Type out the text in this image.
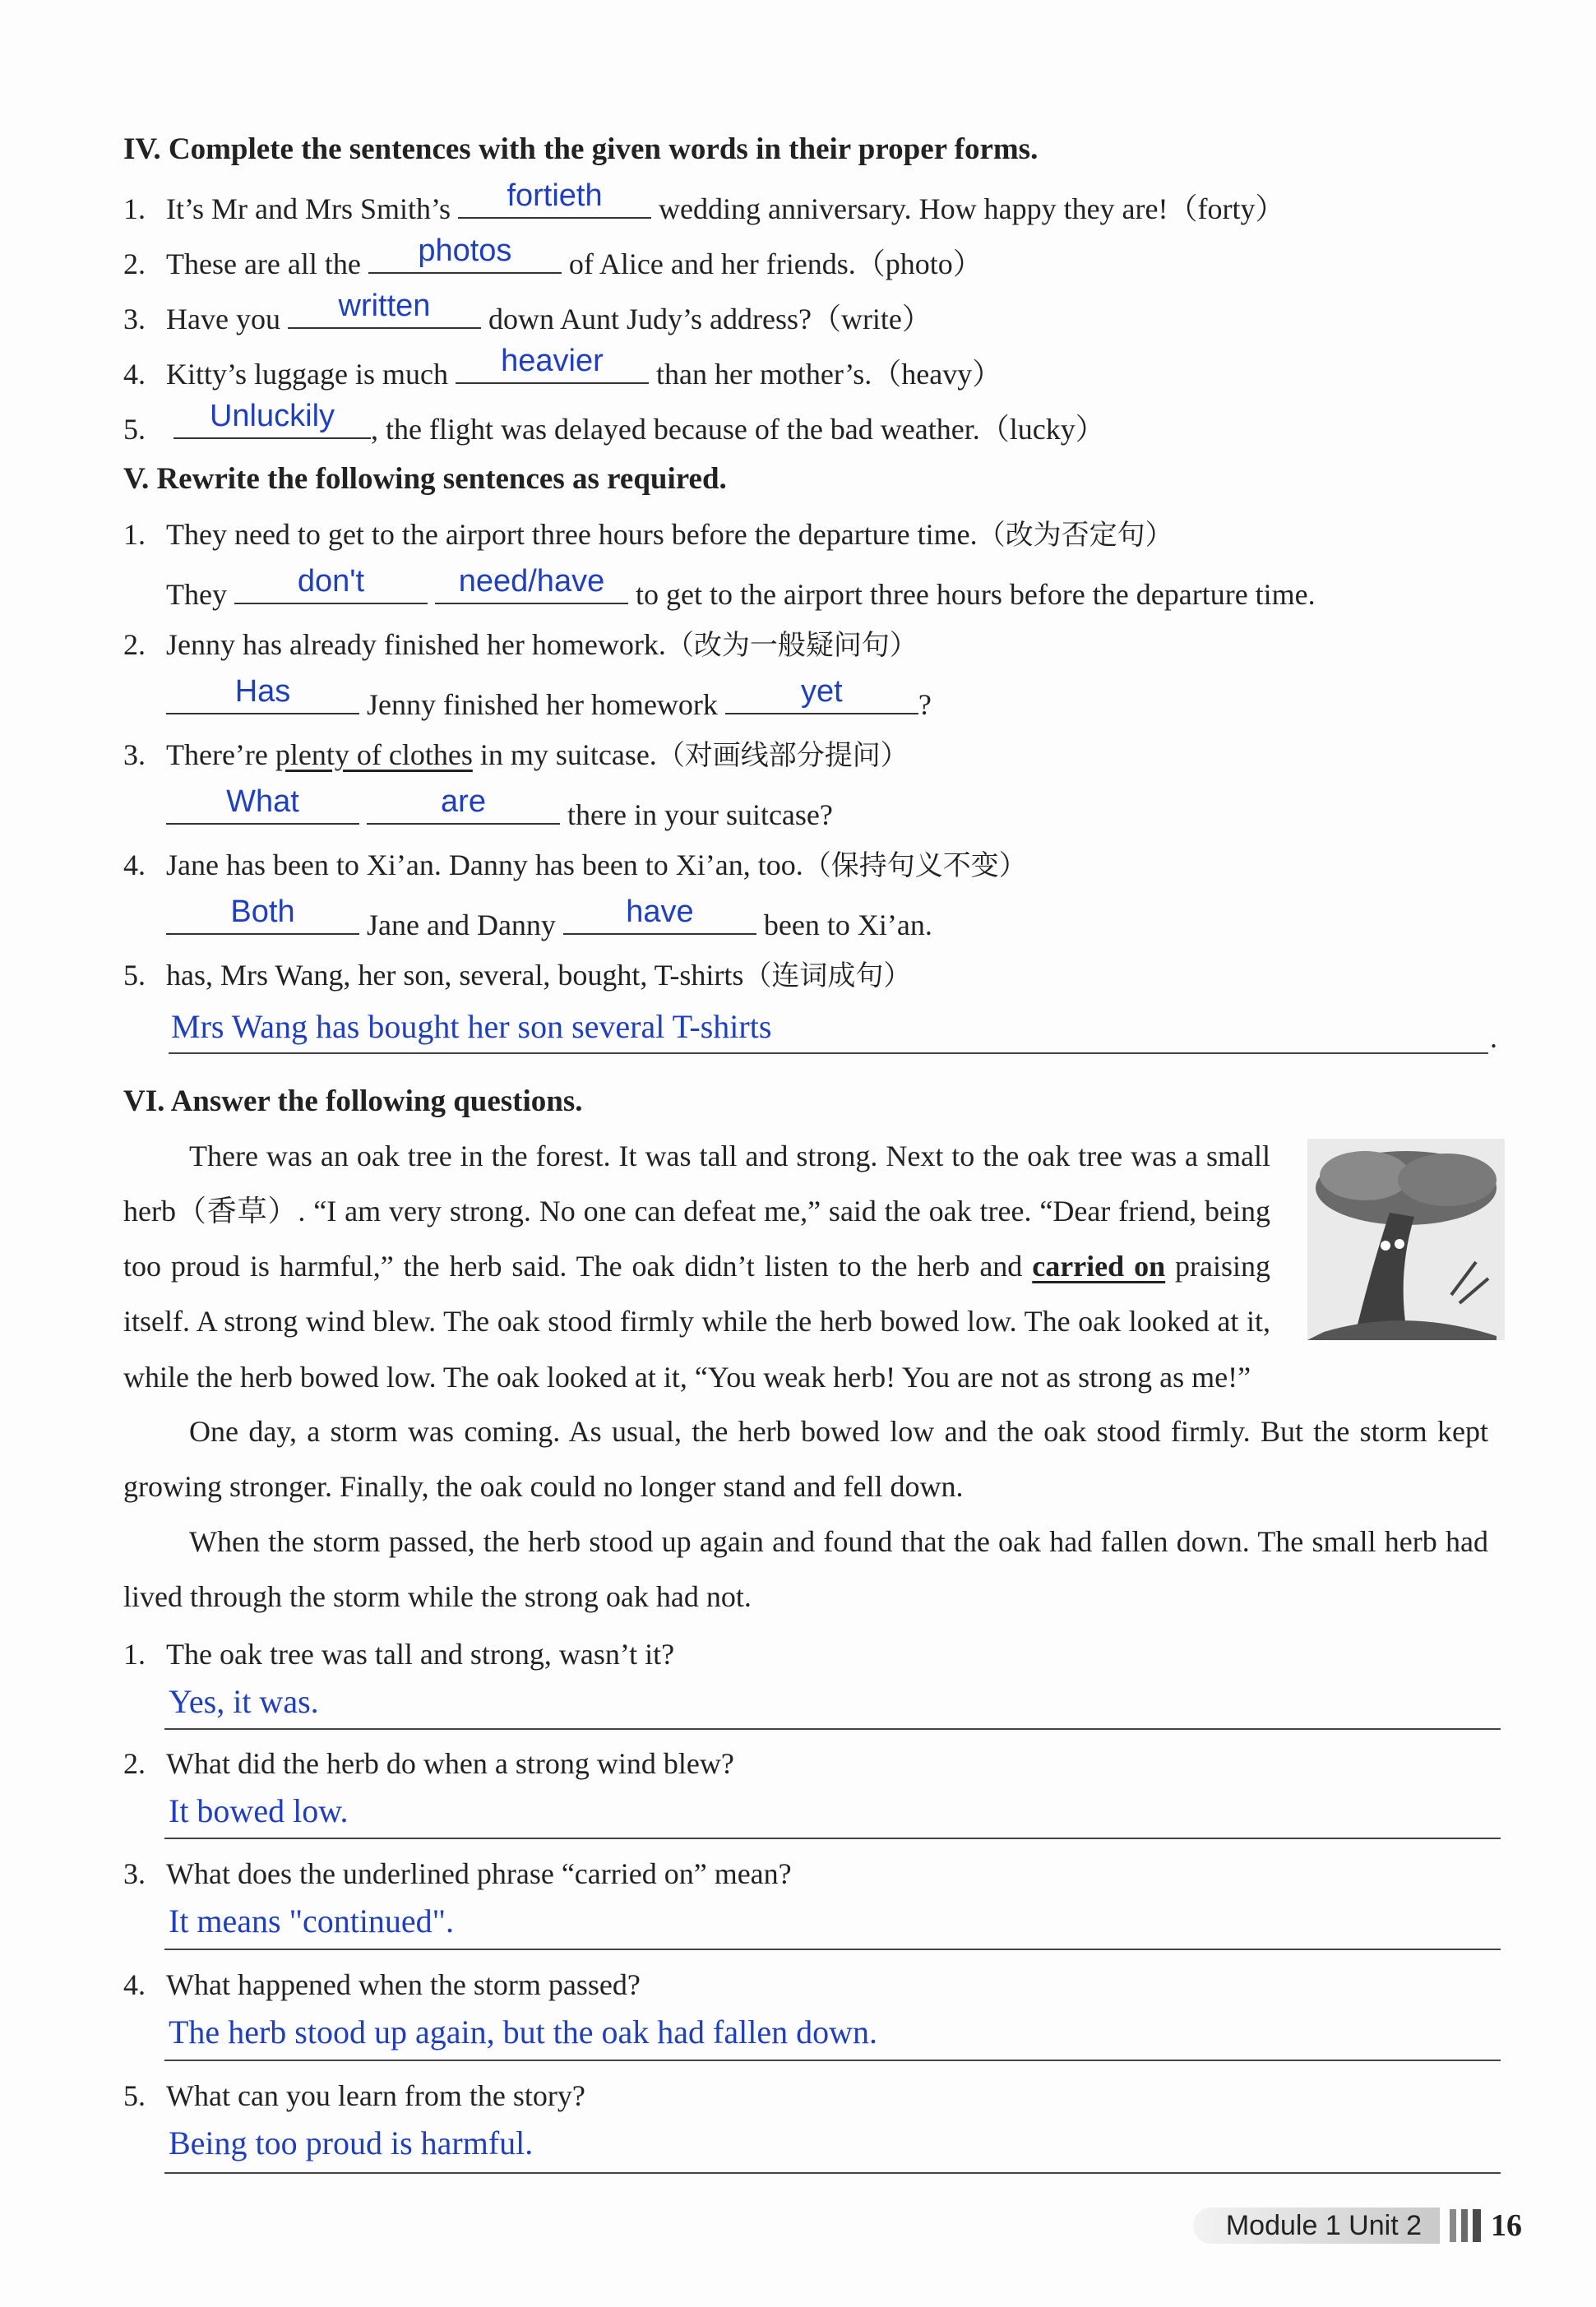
IV. Complete the sentences with the given words in their proper forms.
1. It’s Mr and Mrs Smith’s	fortieth	wedding anniversary. How happy they are!（forty）
2. These are all the	photos	of Alice and her friends.（photo）
3. Have you	written	down Aunt Judy’s address?（write）
4. Kitty’s luggage is much	heavier	than her mother’s.（heavy）
5.	Unluckily	, the flight was delayed because of the bad weather.（lucky）
V. Rewrite the following sentences as required.
1. They need to get to the airport three hours before the departure time.（改为否定句）
They	don't
	need/have	to get to the airport three hours before the departure time.
2. Jenny has already finished her homework.（改为一般疑问句）
Has	Jenny finished her homework	yet	?
3. There’re plenty of clothes in my suitcase.（对画线部分提问）
What
	are	there in your suitcase?
4. Jane has been to Xi’an. Danny has been to Xi’an, too.（保持句义不变）
Both	Jane and Danny	have	been to Xi’an.
5. has, Mrs Wang, her son, several, bought, T-shirts（连词成句）
Mrs Wang has bought her son several T-shirts	.
VI. Answer the following questions.
There was an oak tree in the forest. It was tall and strong. Next to the oak tree was a small herb（香草）. “I am very strong. No one can defeat me,” said the oak tree. “Dear friend, being too proud is harmful,” the herb said. The oak didn’t listen to the herb and carried on praising itself. A strong wind blew. The oak stood firmly while the herb bowed low. The oak looked at it,
while the herb bowed low. The oak looked at it, “You weak herb! You are not as strong as me!”
One day, a storm was coming. As usual, the herb bowed low and the oak stood firmly. But the storm kept growing stronger. Finally, the oak could no longer stand and fell down.
When the storm passed, the herb stood up again and found that the oak had fallen down. The small herb had lived through the storm while the strong oak had not.
1. The oak tree was tall and strong, wasn’t it?
Yes, it was.
2. What did the herb do when a strong wind blew?
It bowed low.
3. What does the underlined phrase “carried on” mean?
It means "continued".
4. What happened when the storm passed?
The herb stood up again, but the oak had fallen down.
5. What can you learn from the story?
Being too proud is harmful.
Module 1 Unit 2	16
